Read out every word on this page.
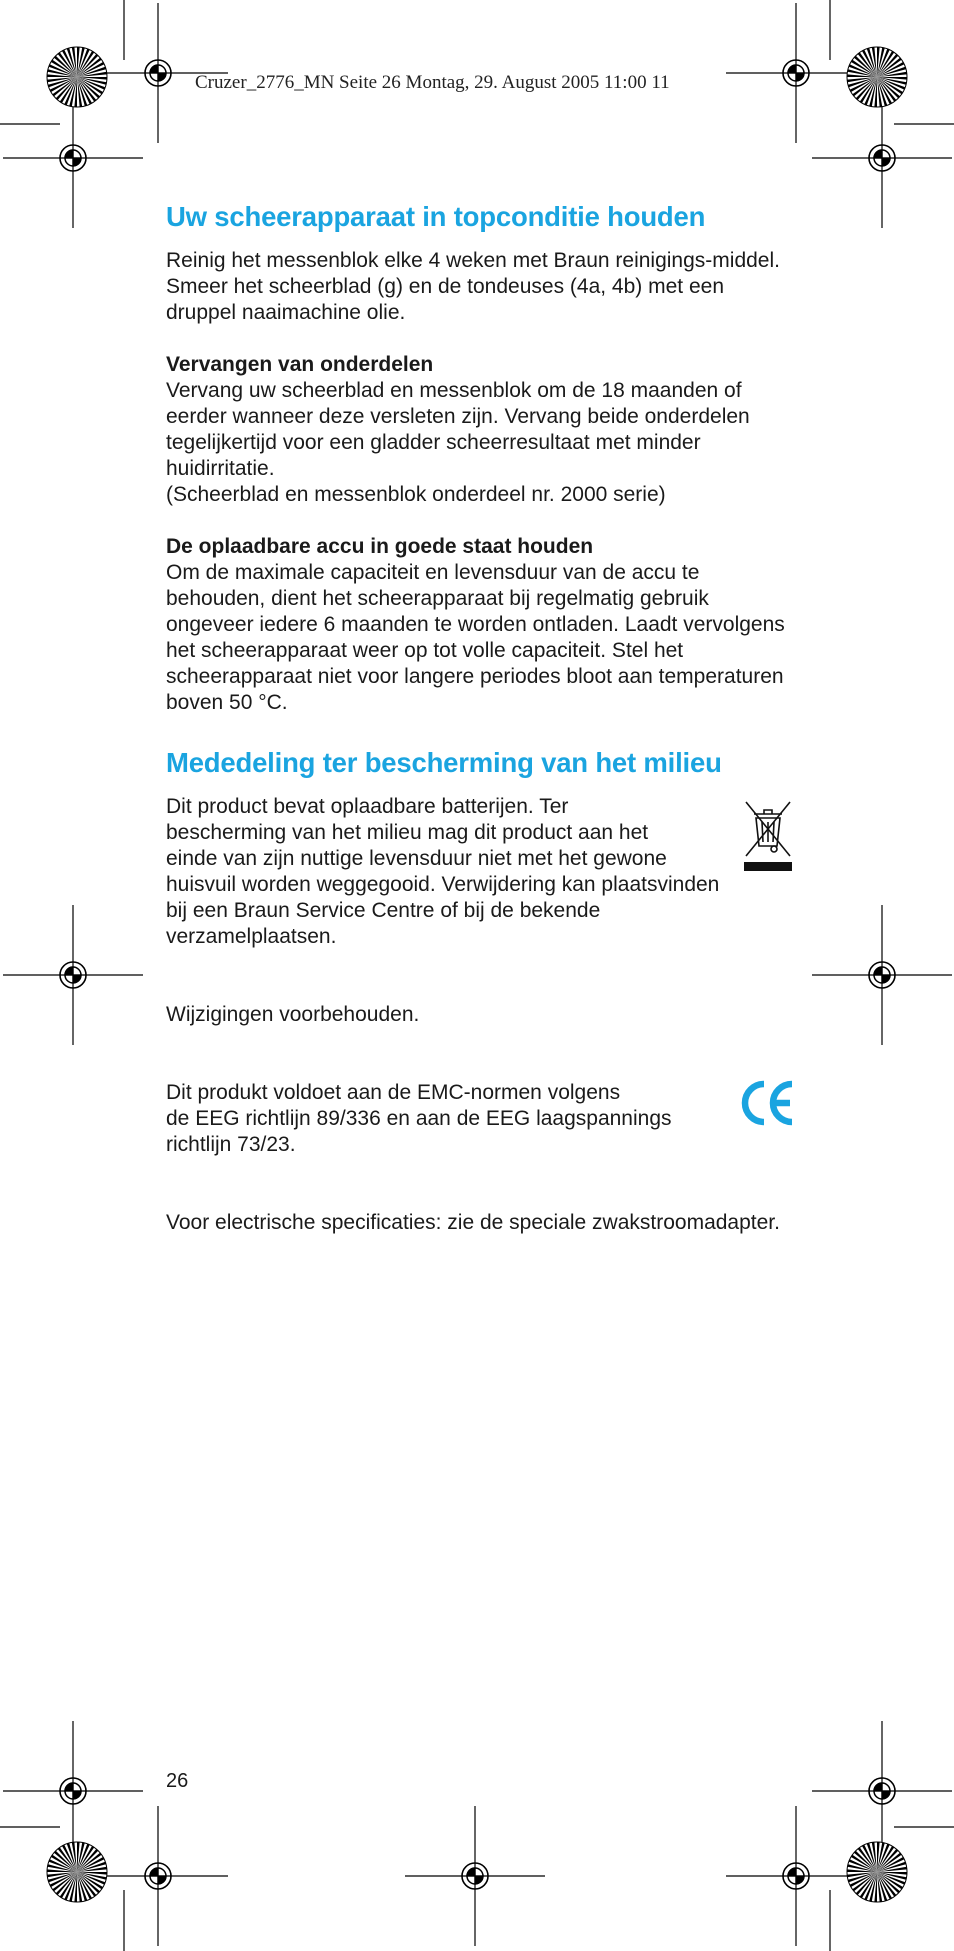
Cruzer_2776_MN Seite 26 Montag, 29. August 2005 11:00 11
Uw scheerapparaat in topconditie houden

Reinig het messenblok elke 4 weken met Braun reinigings-middel. Smeer het scheerblad (g) en de tondeuses (4a, 4b) met een druppel naaimachine olie.

Vervangen van onderdelen

Vervang uw scheerblad en messenblok om de 18 maanden of eerder wanneer deze versleten zijn. Vervang beide onderdelen tegelijkertijd voor een gladder scheerresultaat met minder huidirritatie.

(Scheerblad en messenblok onderdeel nr. 2000 serie)

De oplaadbare accu in goede staat houden

Om de maximale capaciteit en levensduur van de accu te behouden, dient het scheerapparaat bij regelmatig gebruik ongeveer iedere 6 maanden te worden ontladen. Laadt vervolgens het scheerapparaat weer op tot volle capaciteit. Stel het scheerapparaat niet voor langere periodes bloot aan temperaturen boven 50 °C.

Mededeling ter bescherming van het milieu

Dit product bevat oplaadbare batterijen. Ter

bescherming van het milieu mag dit product aan het

einde van zijn nuttige levensduur niet met het gewone

huisvuil worden weggegooid. Verwijdering kan plaatsvinden

bij een Braun Service Centre of bij de bekende

verzamelplaatsen.

Wijzigingen voorbehouden.

Dit produkt voldoet aan de EMC-normen volgens

de EEG richtlijn 89/336 en aan de EEG laagspannings

richtlijn 73/23.

Voor electrische specificaties: zie de speciale zwakstroomadapter.

26
